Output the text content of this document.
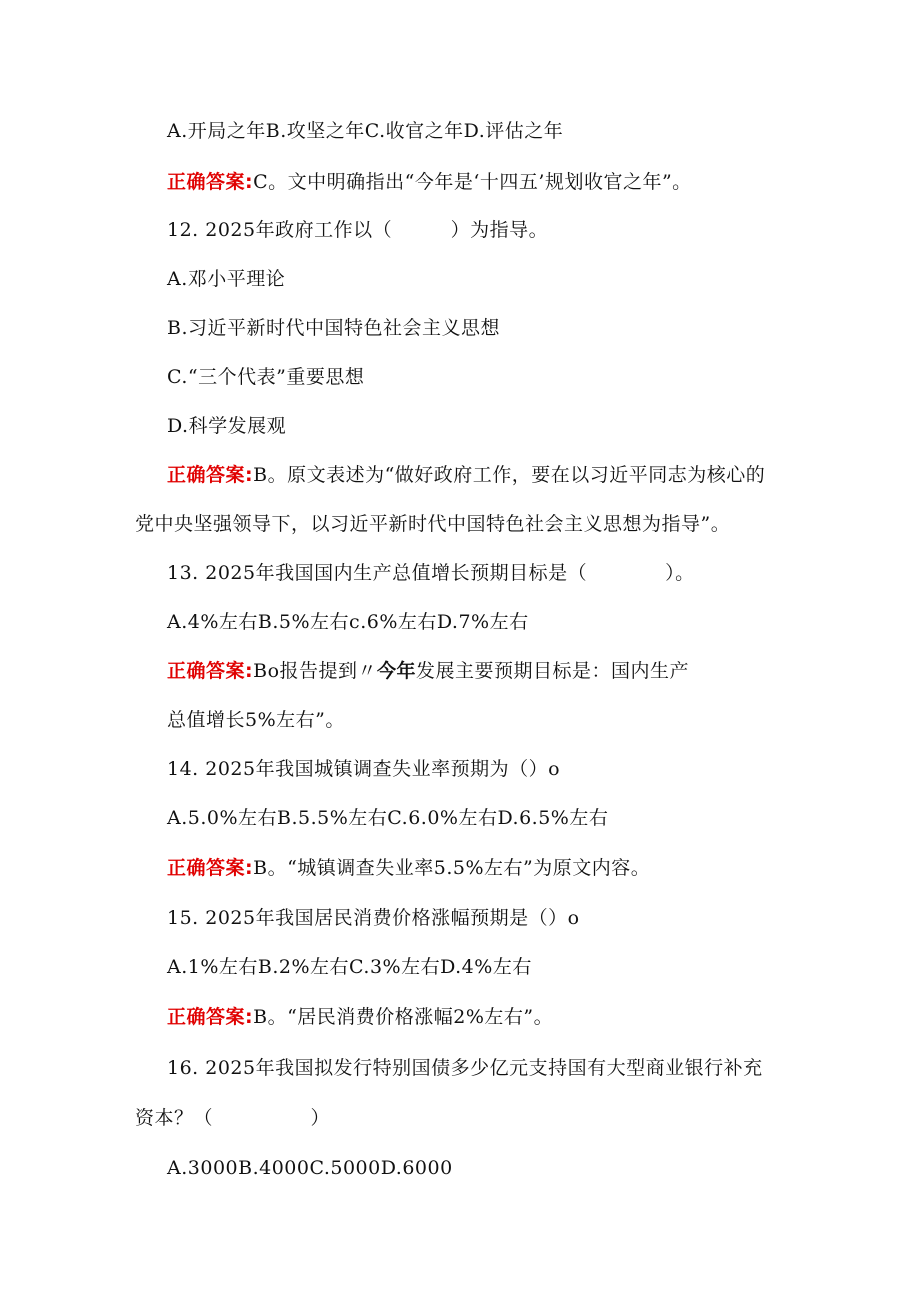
A.开局之年B.攻坚之年C.收官之年D.评估之年
正确答案:C。文中明确指出“今年是‘十四五’规划收官之年”。
12. 2025年政府工作以（　　　）为指导。
A.邓小平理论
B.习近平新时代中国特色社会主义思想
C.“三个代表”重要思想
D.科学发展观
正确答案:B。原文表述为“做好政府工作，要在以习近平同志为核心的
党中央坚强领导下，以习近平新时代中国特色社会主义思想为指导”。
13. 2025年我国国内生产总值增长预期目标是（　　　　）。
A.4%左右B.5%左右c.6%左右D.7%左右
正确答案:Bo报告提到〃今年发展主要预期目标是：国内生产
总值增长5%左右”。
14. 2025年我国城镇调查失业率预期为（）o
A.5.0%左右B.5.5%左右C.6.0%左右D.6.5%左右
正确答案:B。“城镇调查失业率5.5%左右”为原文内容。
15. 2025年我国居民消费价格涨幅预期是（）o
A.1%左右B.2%左右C.3%左右D.4%左右
正确答案:B。“居民消费价格涨幅2%左右”。
16. 2025年我国拟发行特别国债多少亿元支持国有大型商业银行补充
资本？（　　　　　）
A.3000B.4000C.5000D.6000
